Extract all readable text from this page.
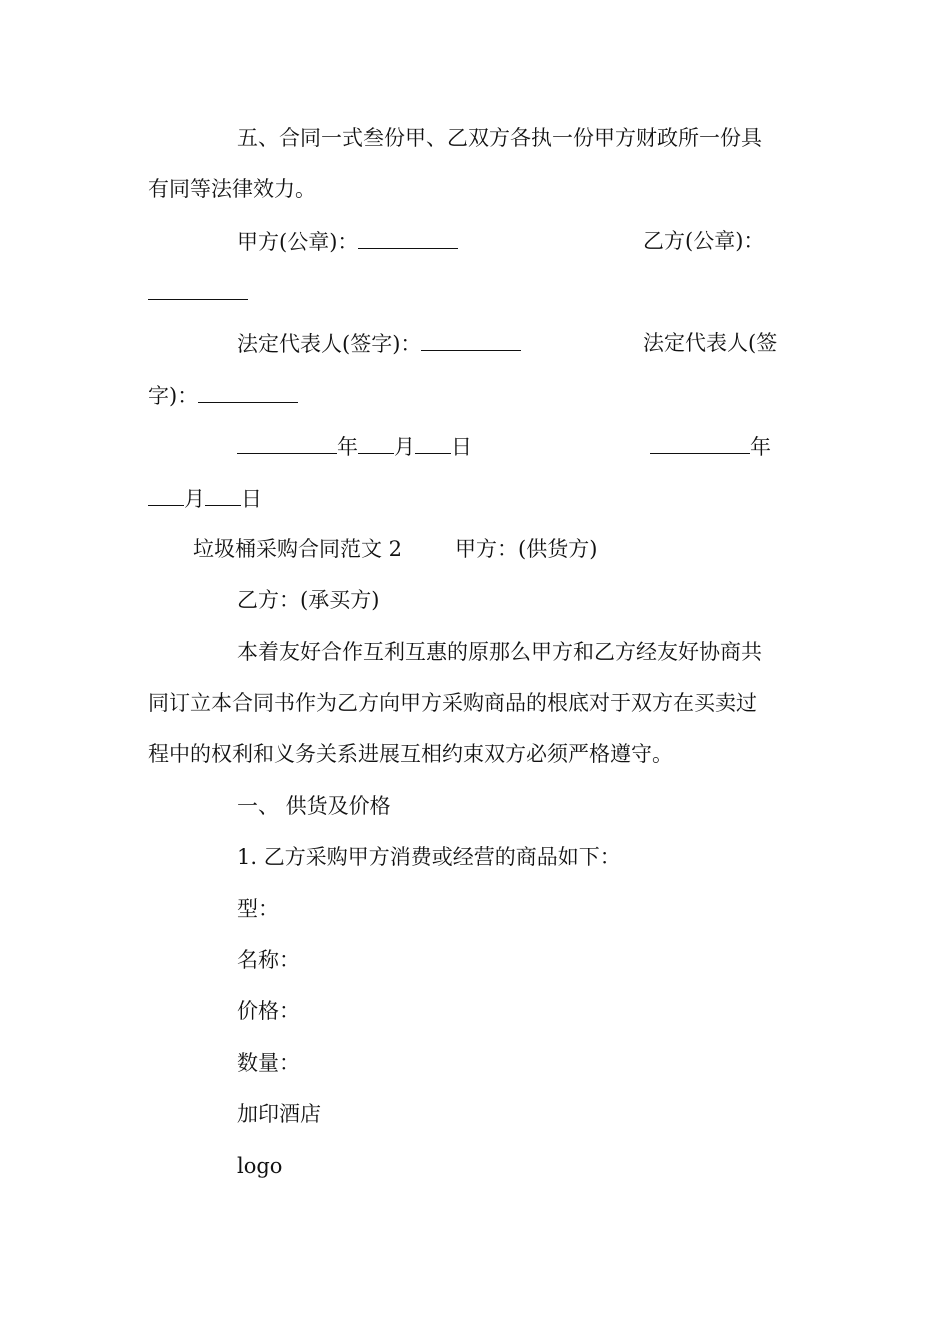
五、合同一式叁份甲、乙双方各执一份甲方财政所一份具
有同等法律效力。
甲方(公章)：	乙方(公章)：
法定代表人(签字)：	法定代表人(签
字)：
年 月 日	年
月 日
垃圾桶采购合同范文 2	甲方：(供货方)
乙方：(承买方)
本着友好合作互利互惠的原那么甲方和乙方经友好协商共
同订立本合同书作为乙方向甲方采购商品的根底对于双方在买卖过
程中的权利和义务关系进展互相约束双方必须严格遵守。
一、 供货及价格
1. 乙方采购甲方消费或经营的商品如下：
型：
名称：
价格：
数量：
加印酒店
logo
